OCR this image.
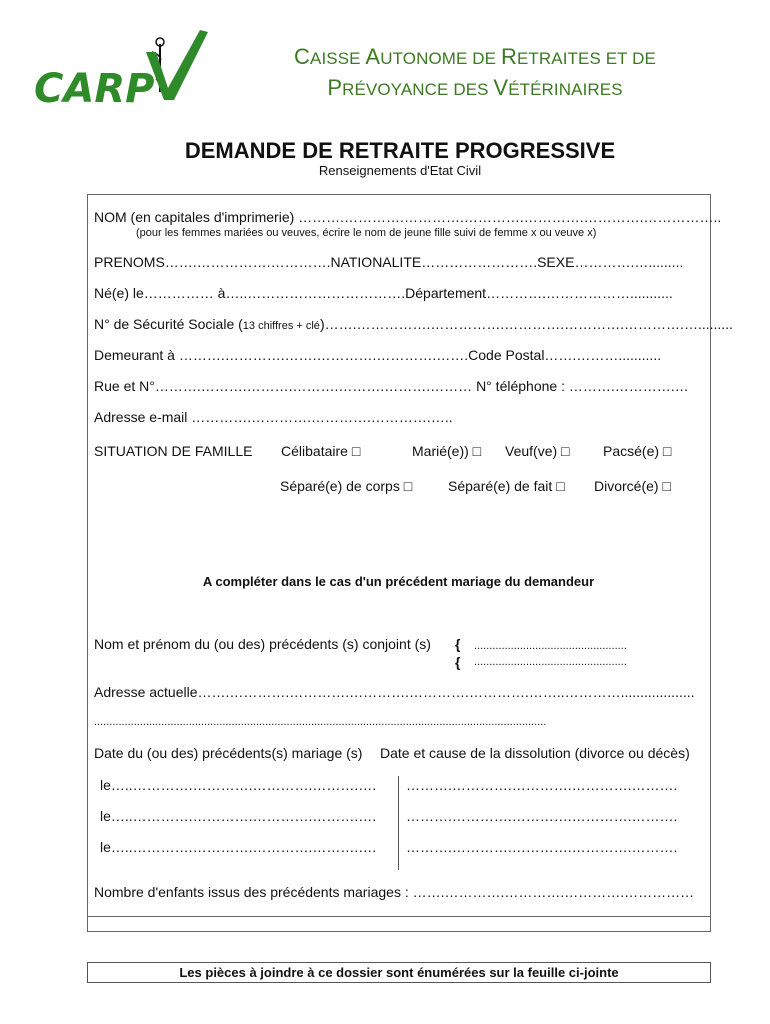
CARP
CAISSE AUTONOME DE RETRAITES ET DE
PRÉVOYANCE DES VÉTÉRINAIRES
DEMANDE DE RETRAITE PROGRESSIVE
Renseignements d'Etat Civil
NOM (en capitales d'imprimerie) ……….………….………….………….………….………….……………..
(pour les femmes mariées ou veuves, écrire le nom de jeune fille suivi de femme x ou veuve x)
PRENOMS…….…………….………….NATIONALITE…………………….SEXE………….….........
Né(e) le…………… à…..…………………………….Département………….………………...........
N° de Sécurité Sociale (13 chiffres + clé)…….…………….…………….………….………….………….….........
Demeurant à ……….………….…….………….………….…….Code Postal…….………...........
Rue et N°……….……….……….……….……….……….……… N° téléphone : ……….………….…
Adresse e-mail ………….………….………….………….…..
SITUATION DE FAMILLE Célibataire □	Marié(e)) □ Veuf(ve) □ Pacsé(e) □
Séparé(e) de corps □	Séparé(e) de fait □ Divorcé(e) □
A compléter dans le cas d'un précédent mariage du demandeur
Nom et prénom du (ou des) précédents (s) conjoint (s) {
{
..................................................
..................................................
Adresse actuelle…….………….………….………….………….………….……..…………...................
....................................................................................................................................................
Date du (ou des) précédents(s) mariage (s) Date et cause de la dissolution (divorce ou décès)
le…..………….………….………….……….…. ……….………….………….………….……….
le…..………….………….………….……….…. ……….………….………….………….……….
le…..………….………….………….……….…. ……….………….………….………….……….
Nombre d'enfants issus des précédents mariages : …….………….………….………….……………
Les pièces à joindre à ce dossier sont énumérées sur la feuille ci-jointe
